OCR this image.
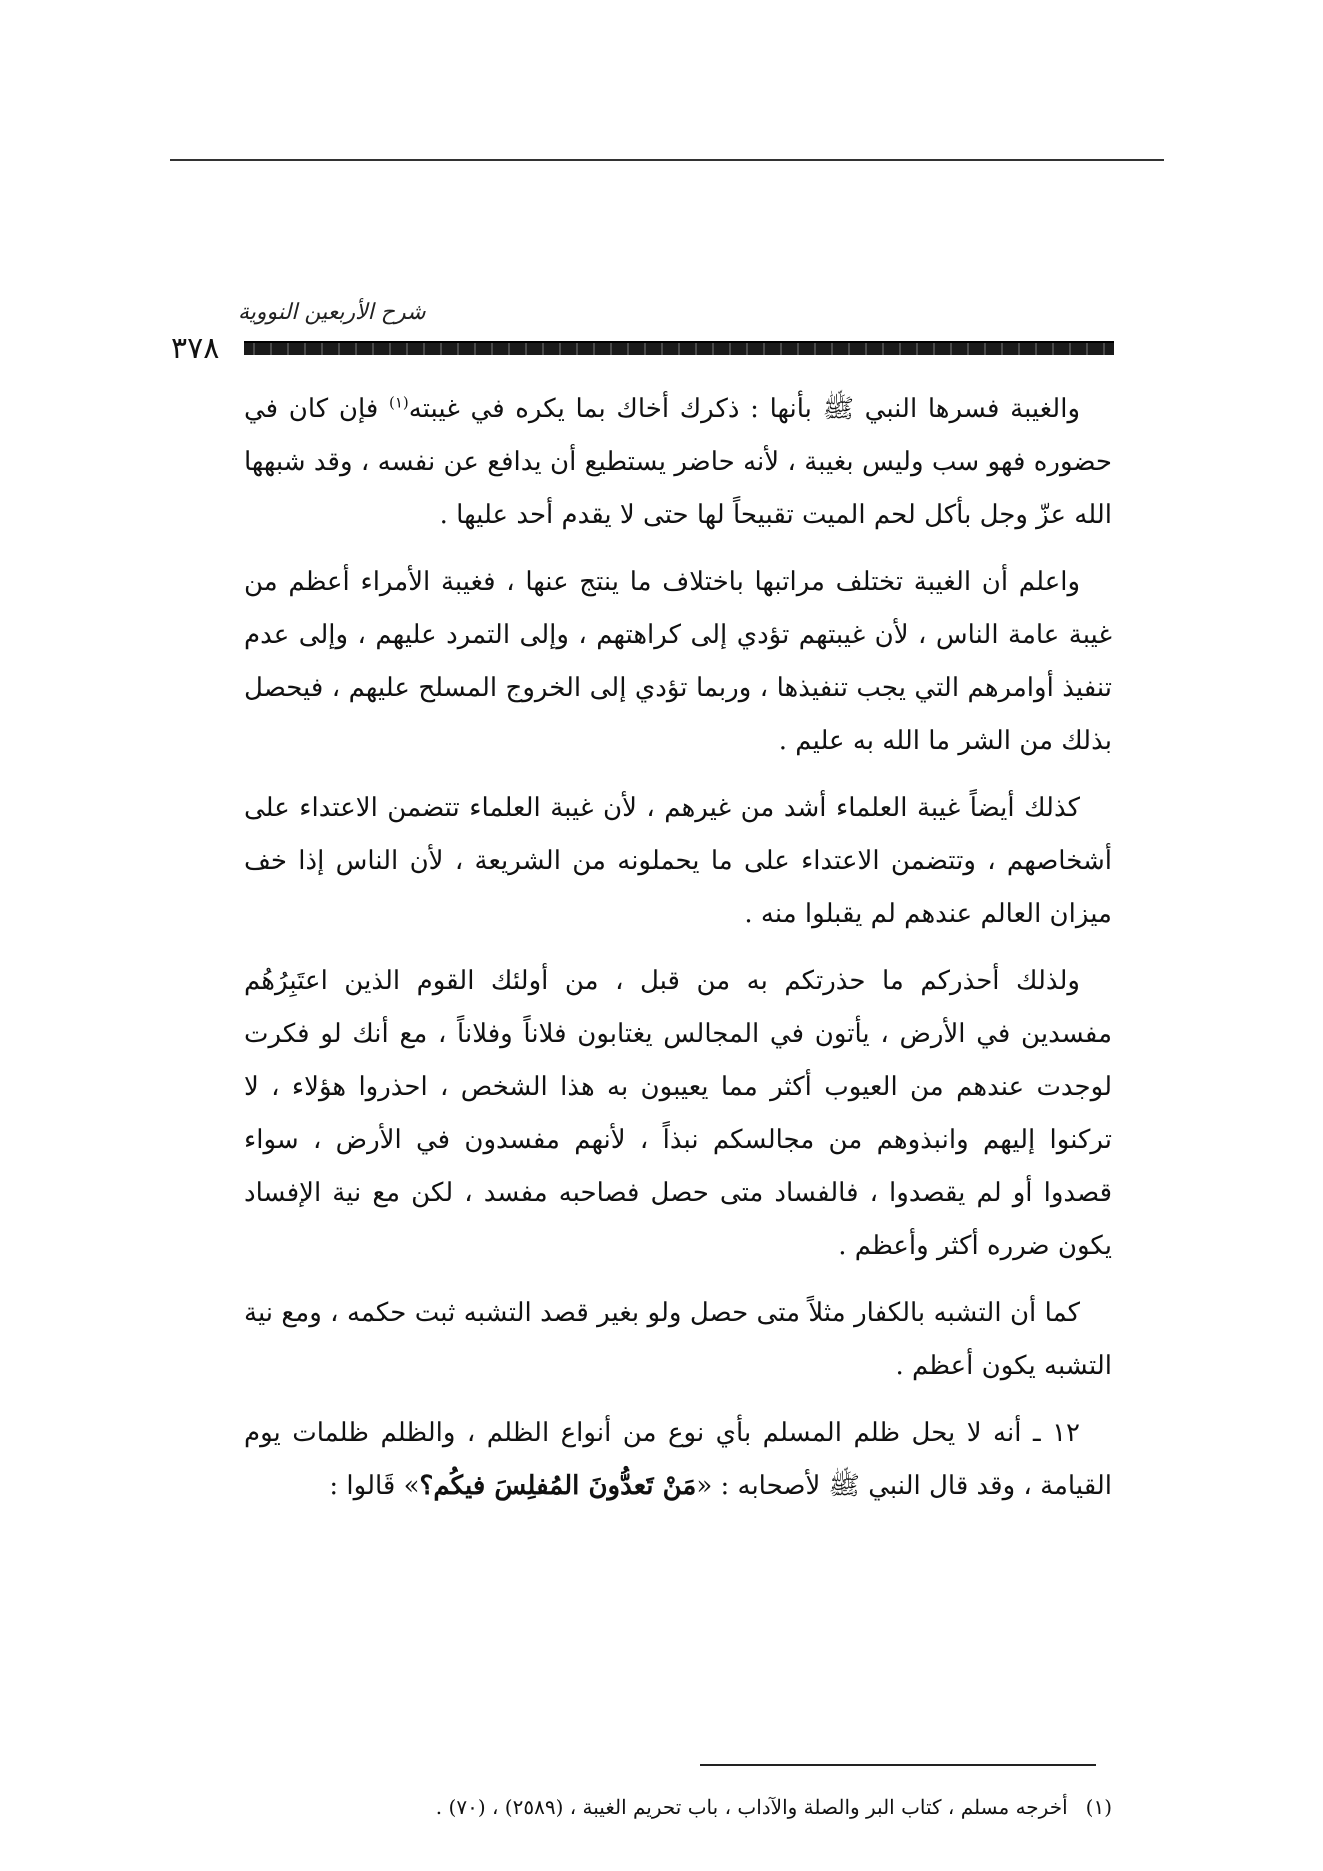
شرح الأربعين النووية
٣٧٨

والغيبة فسرها النبي ﷺ بأنها : ذكرك أخاك بما يكره في غيبته$^{(١)}$ فإن كان في حضوره فهو سب وليس بغيبة ، لأنه حاضر يستطيع أن يدافع عن نفسه ، وقد شبهها الله عزّ وجل بأكل لحم الميت تقبيحاً لها حتى لا يقدم أحد عليها .

واعلم أن الغيبة تختلف مراتبها باختلاف ما ينتج عنها ، فغيبة الأمراء أعظم من غيبة عامة الناس ، لأن غيبتهم تؤدي إلى كراهتهم ، وإلى التمرد عليهم ، وإلى عدم تنفيذ أوامرهم التي يجب تنفيذها ، وربما تؤدي إلى الخروج المسلح عليهم ، فيحصل بذلك من الشر ما الله به عليم .

كذلك أيضاً غيبة العلماء أشد من غيرهم ، لأن غيبة العلماء تتضمن الاعتداء على أشخاصهم ، وتتضمن الاعتداء على ما يحملونه من الشريعة ، لأن الناس إذا خف ميزان العالم عندهم لم يقبلوا منه .

ولذلك أحذركم ما حذرتكم به من قبل ، من أولئك القوم الذين اعتَبِرُهُم مفسدين في الأرض ، يأتون في المجالس يغتابون فلاناً وفلاناً ، مع أنك لو فكرت لوجدت عندهم من العيوب أكثر مما يعيبون به هذا الشخص ، احذروا هؤلاء ، لا تركنوا إليهم وانبذوهم من مجالسكم نبذاً ، لأنهم مفسدون في الأرض ، سواء قصدوا أو لم يقصدوا ، فالفساد متى حصل فصاحبه مفسد ، لكن مع نية الإفساد يكون ضرره أكثر وأعظم .

كما أن التشبه بالكفار مثلاً متى حصل ولو بغير قصد التشبه ثبت حكمه ، ومع نية التشبه يكون أعظم .

١٢ ـ أنه لا يحل ظلم المسلم بأي نوع من أنواع الظلم ، والظلم ظلمات يوم القيامة ، وقد قال النبي ﷺ لأصحابه : «مَنْ تَعدُّونَ المُفلِسَ فيكُم؟» قَالوا :

(١)أخرجه مسلم ، كتاب البر والصلة والآداب ، باب تحريم الغيبة ، (٢٥٨٩) ، (٧٠) .
